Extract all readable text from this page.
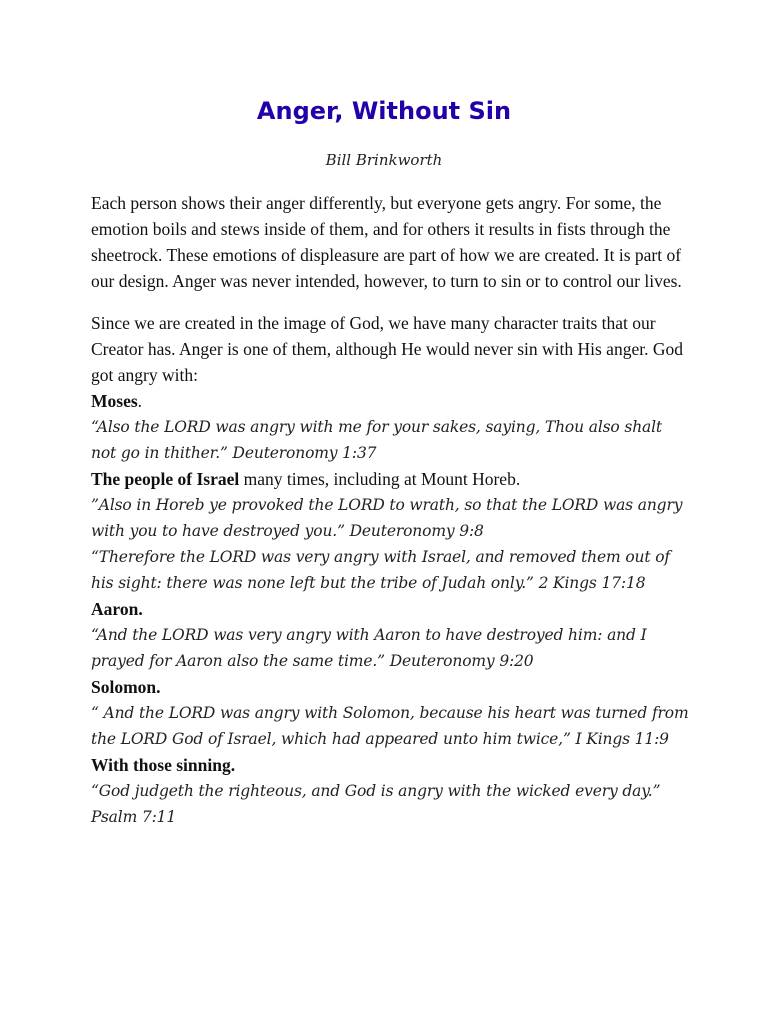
Anger, Without Sin
Bill Brinkworth

Each person shows their anger differently, but everyone gets angry. For some, the emotion boils and stews inside of them, and for others it results in fists through the sheetrock. These emotions of displeasure are part of how we are created. It is part of our design. Anger was never intended, however, to turn to sin or to control our lives.

Since we are created in the image of God, we have many character traits that our Creator has. Anger is one of them, although He would never sin with His anger. God got angry with:

Moses.

“Also the LORD was angry with me for your sakes, saying, Thou also shalt not go in thither.” Deuteronomy 1:37

The people of Israel many times, including at Mount Horeb.

”Also in Horeb ye provoked the LORD to wrath, so that the LORD was angry with you to have destroyed you.” Deuteronomy 9:8

“Therefore the LORD was very angry with Israel, and removed them out of his sight: there was none left but the tribe of Judah only.” 2 Kings 17:18

Aaron.

“And the LORD was very angry with Aaron to have destroyed him: and I prayed for Aaron also the same time.” Deuteronomy 9:20

Solomon.

“ And the LORD was angry with Solomon, because his heart was turned from the LORD God of Israel, which had appeared unto him twice,” I Kings 11:9

With those sinning.

“God judgeth the righteous, and God is angry with the wicked every day.” Psalm 7:11
